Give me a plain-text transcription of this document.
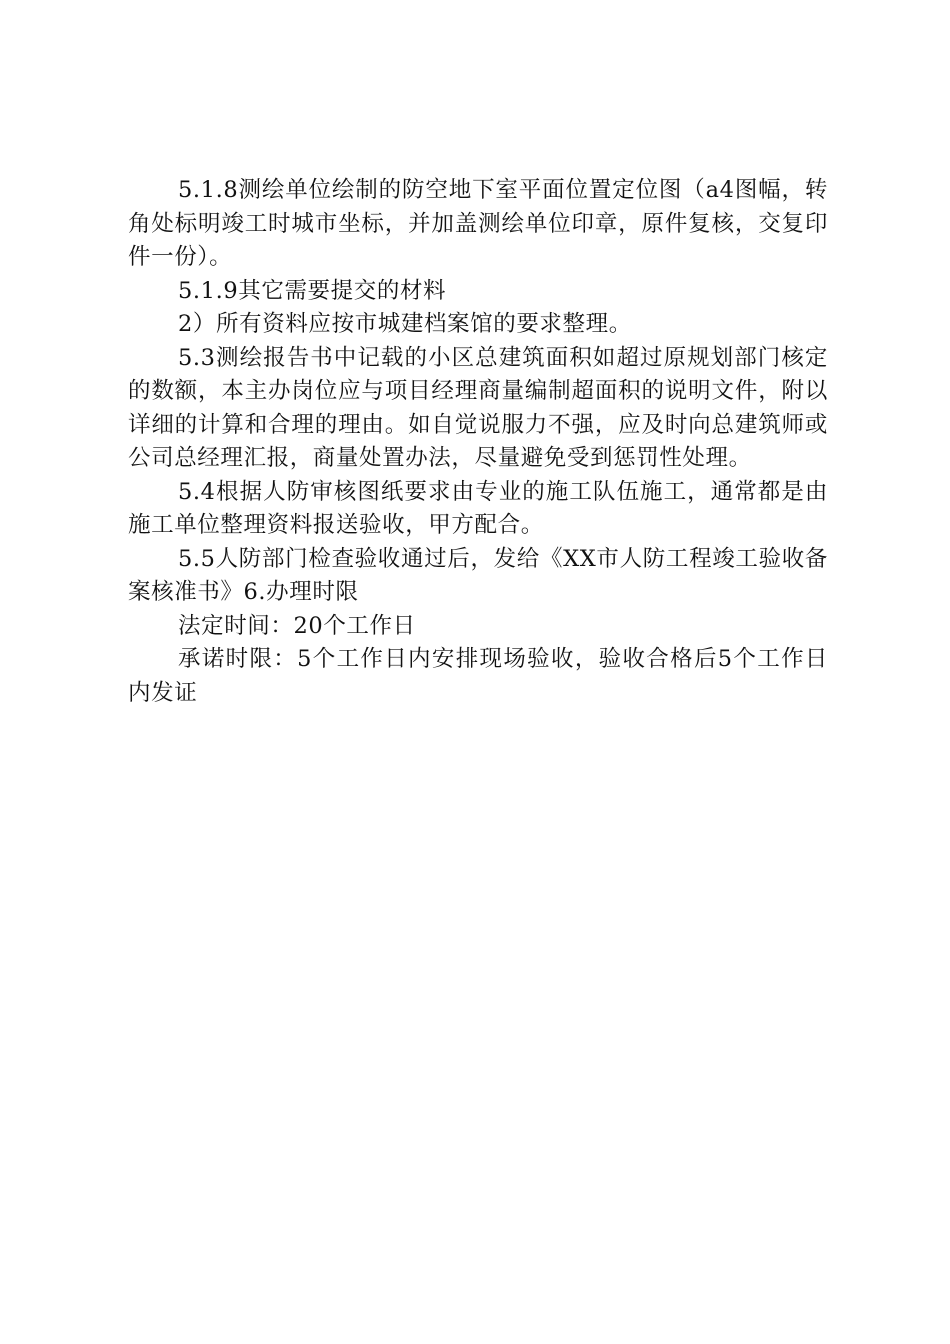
5.1.8测绘单位绘制的防空地下室平面位置定位图（a4图幅，转角处标明竣工时城市坐标，并加盖测绘单位印章，原件复核，交复印件一份）。

5.1.9其它需要提交的材料

2）所有资料应按市城建档案馆的要求整理。

5.3测绘报告书中记载的小区总建筑面积如超过原规划部门核定的数额，本主办岗位应与项目经理商量编制超面积的说明文件，附以详细的计算和合理的理由。如自觉说服力不强，应及时向总建筑师或公司总经理汇报，商量处置办法，尽量避免受到惩罚性处理。

5.4根据人防审核图纸要求由专业的施工队伍施工，通常都是由施工单位整理资料报送验收，甲方配合。

5.5人防部门检查验收通过后，发给《XX市人防工程竣工验收备案核准书》6.办理时限

法定时间：20个工作日

承诺时限：5个工作日内安排现场验收，验收合格后5个工作日内发证
